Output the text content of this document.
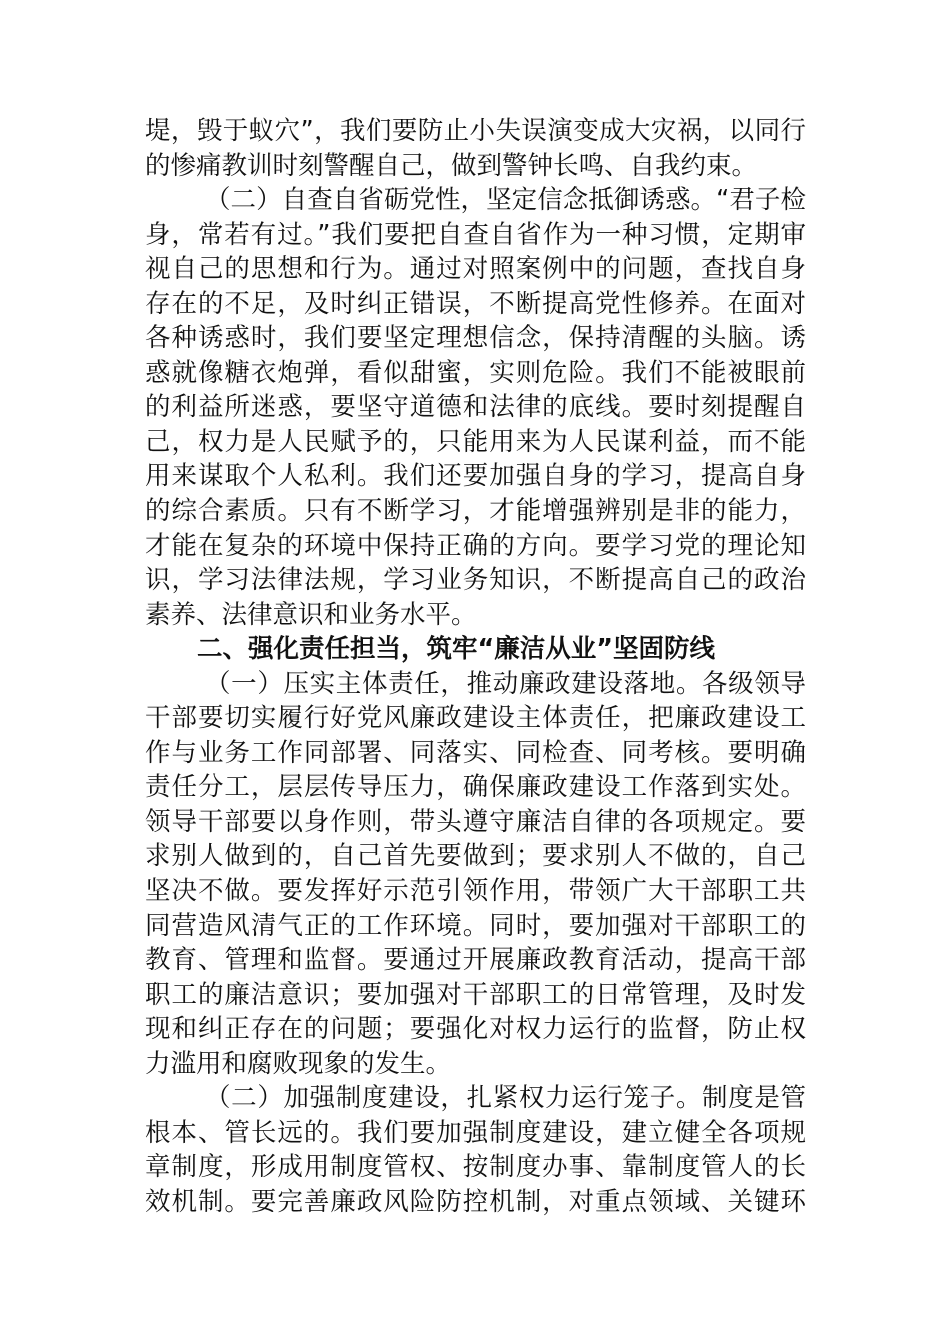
堤，毁于蚁穴”，我们要防止小失误演变成大灾祸，以同行
的惨痛教训时刻警醒自己，做到警钟长鸣、自我约束。
（二）自查自省砺党性，坚定信念抵御诱惑。“君子检
身，常若有过。”我们要把自查自省作为一种习惯，定期审
视自己的思想和行为。通过对照案例中的问题，查找自身
存在的不足，及时纠正错误，不断提高党性修养。在面对
各种诱惑时，我们要坚定理想信念，保持清醒的头脑。诱
惑就像糖衣炮弹，看似甜蜜，实则危险。我们不能被眼前
的利益所迷惑，要坚守道德和法律的底线。要时刻提醒自
己，权力是人民赋予的，只能用来为人民谋利益，而不能
用来谋取个人私利。我们还要加强自身的学习，提高自身
的综合素质。只有不断学习，才能增强辨别是非的能力，
才能在复杂的环境中保持正确的方向。要学习党的理论知
识，学习法律法规，学习业务知识，不断提高自己的政治
素养、法律意识和业务水平。
二、强化责任担当，筑牢“廉洁从业”坚固防线
（一）压实主体责任，推动廉政建设落地。各级领导
干部要切实履行好党风廉政建设主体责任，把廉政建设工
作与业务工作同部署、同落实、同检查、同考核。要明确
责任分工，层层传导压力，确保廉政建设工作落到实处。
领导干部要以身作则，带头遵守廉洁自律的各项规定。要
求别人做到的，自己首先要做到；要求别人不做的，自己
坚决不做。要发挥好示范引领作用，带领广大干部职工共
同营造风清气正的工作环境。同时，要加强对干部职工的
教育、管理和监督。要通过开展廉政教育活动，提高干部
职工的廉洁意识；要加强对干部职工的日常管理，及时发
现和纠正存在的问题；要强化对权力运行的监督，防止权
力滥用和腐败现象的发生。
（二）加强制度建设，扎紧权力运行笼子。制度是管
根本、管长远的。我们要加强制度建设，建立健全各项规
章制度，形成用制度管权、按制度办事、靠制度管人的长
效机制。要完善廉政风险防控机制，对重点领域、关键环
